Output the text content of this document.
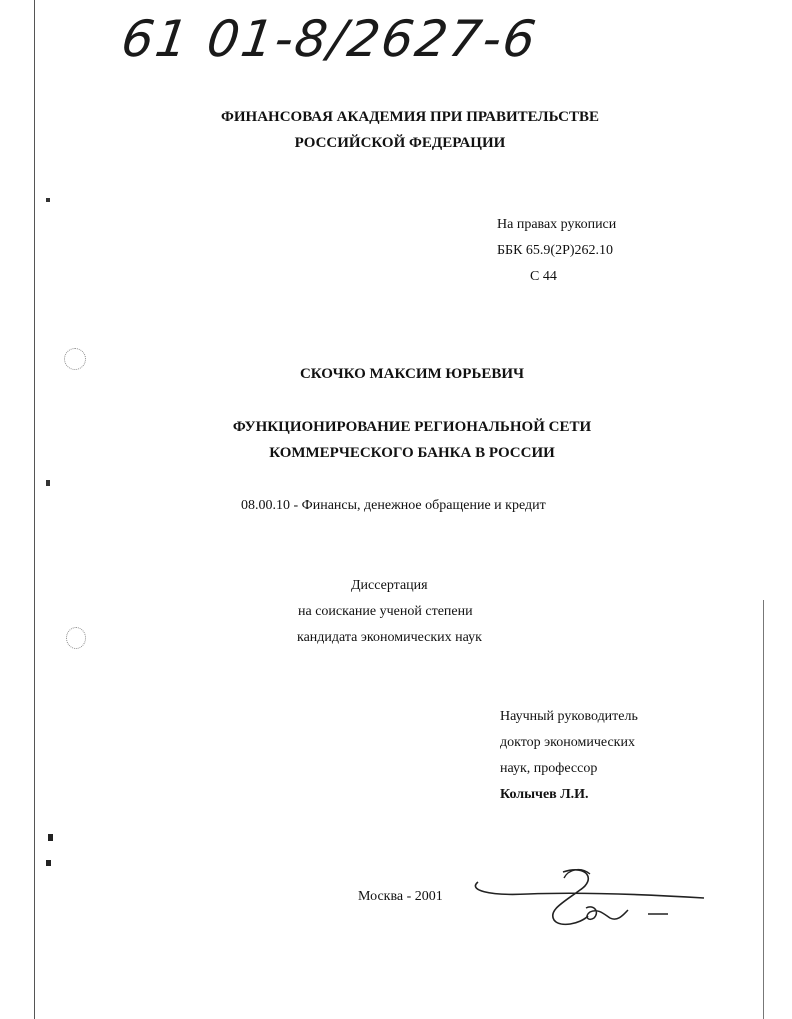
61 01-8/2627-6
ФИНАНСОВАЯ АКАДЕМИЯ ПРИ ПРАВИТЕЛЬСТВЕ
РОССИЙСКОЙ ФЕДЕРАЦИИ
На правах рукописи
ББК 65.9(2Р)262.10
С 44
СКОЧКО МАКСИМ ЮРЬЕВИЧ
ФУНКЦИОНИРОВАНИЕ РЕГИОНАЛЬНОЙ СЕТИ
КОММЕРЧЕСКОГО БАНКА В РОССИИ
08.00.10 - Финансы, денежное обращение и кредит
Диссертация
на соискание ученой степени
кандидата экономических наук
Научный руководитель
доктор экономических
наук, профессор
Колычев Л.И.
Москва - 2001
